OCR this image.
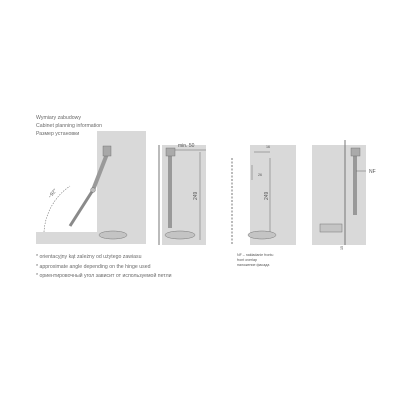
Wymiary zabudowy
Cabinet planning information
Размер установки
~92°
min. 50
249
16
26
249
NF – nakładanie frontu
front overlap
наложение фасада
NF
15
* orientacyjny kąt zależny od użytego zawiasu
* approximate angle depending on the hinge used
* ориентировочный угол зависит от используемой петли
